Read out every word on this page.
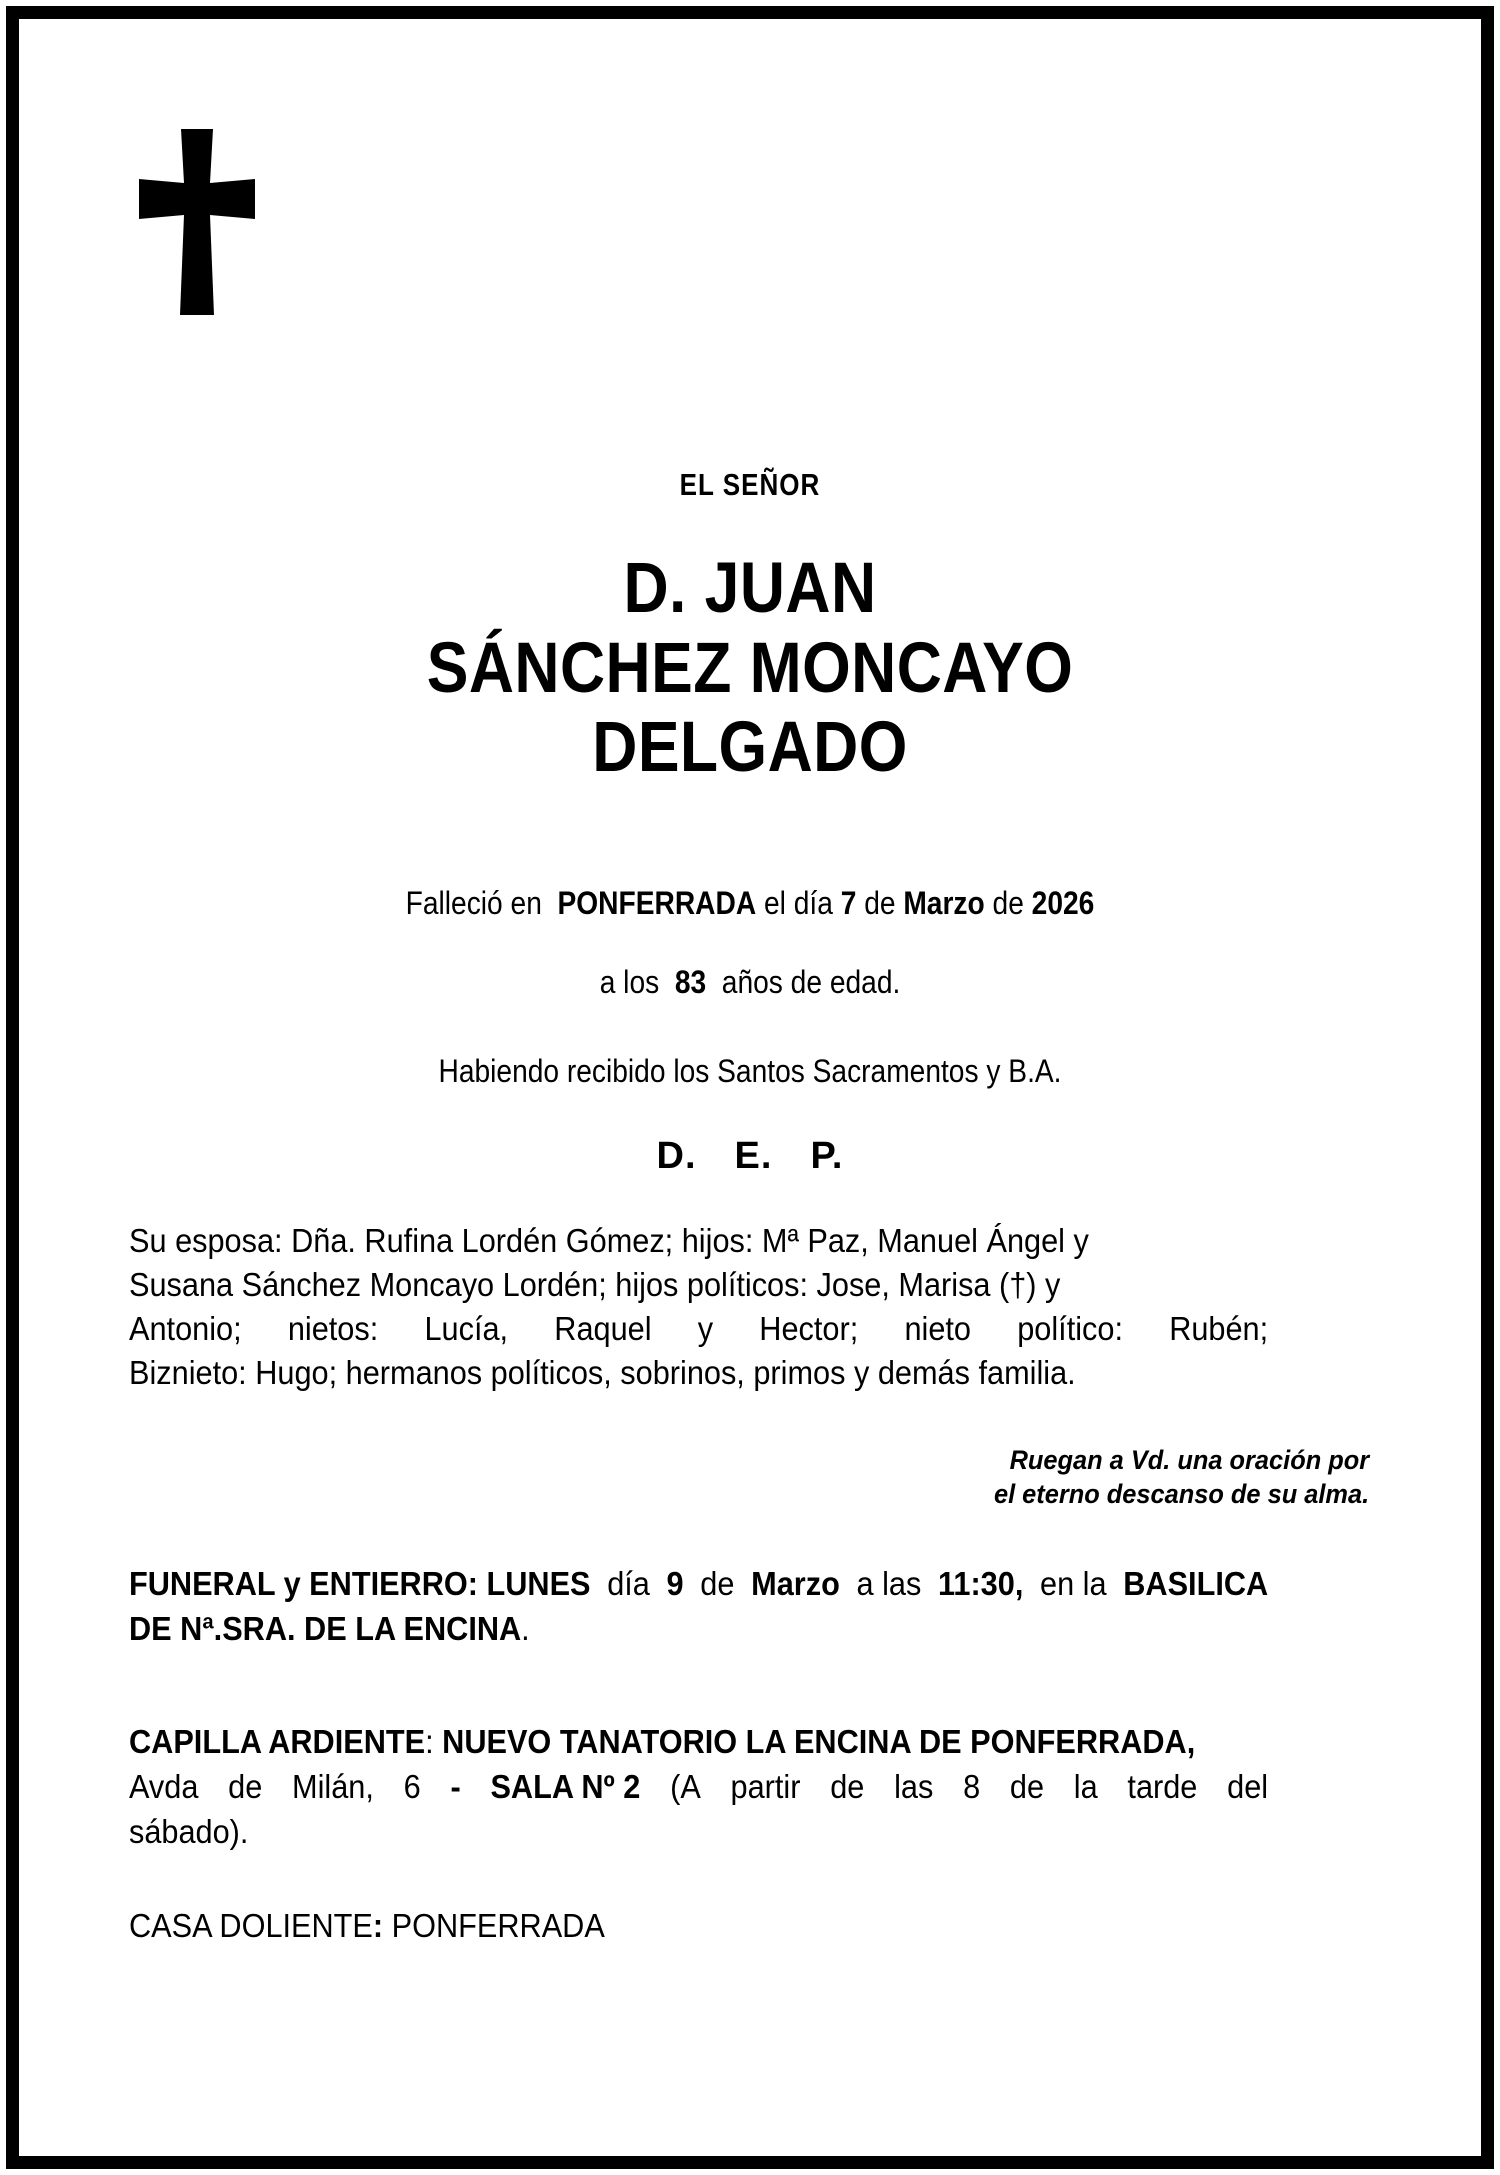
EL SEÑOR
D. JUAN
SÁNCHEZ MONCAYO
DELGADO
Falleció en PONFERRADA el día 7 de Marzo de 2026
a los 83 años de edad.
Habiendo recibido los Santos Sacramentos y B.A.
D. E. P.
Su esposa: Dña. Rufina Lordén Gómez; hijos: Mª Paz, Manuel Ángel y
Susana Sánchez Moncayo Lordén; hijos políticos: Jose, Marisa (†) y
Antonio; nietos: Lucía, Raquel y Hector; nieto político: Rubén;
Biznieto: Hugo; hermanos políticos, sobrinos, primos y demás familia.
Ruegan a Vd. una oración por
el eterno descanso de su alma.
FUNERAL y ENTIERRO: LUNES día 9 de Marzo a las 11:30, en la BASILICA
DE Nª.SRA. DE LA ENCINA.
CAPILLA ARDIENTE: NUEVO TANATORIO LA ENCINA DE PONFERRADA,
Avda de Milán, 6 - SALA Nº 2 (A partir de las 8 de la tarde del
sábado).
CASA DOLIENTE: PONFERRADA
